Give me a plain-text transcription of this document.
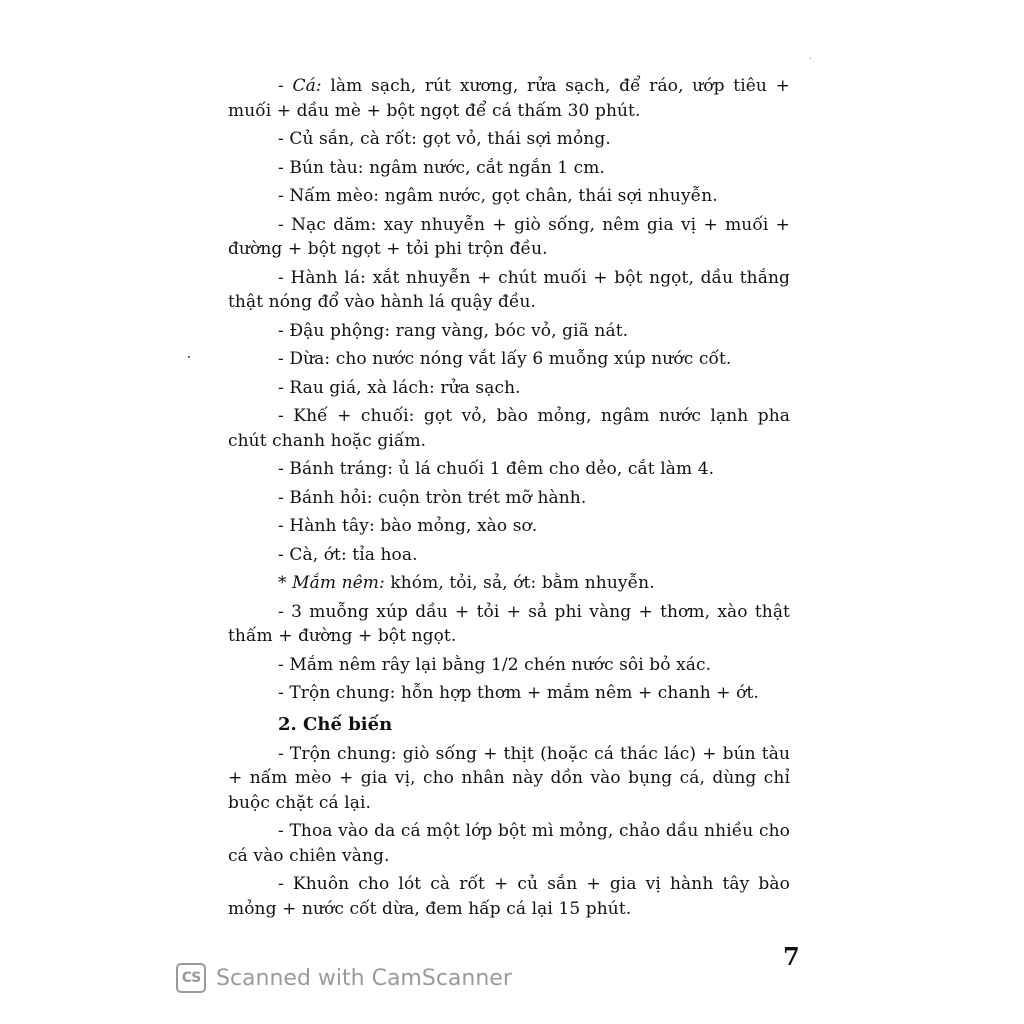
- Cá: làm sạch, rút xương, rửa sạch, để ráo, ướp tiêu + muối + dầu mè + bột ngọt để cá thấm 30 phút.

- Củ sắn, cà rốt: gọt vỏ, thái sợi mỏng.

- Bún tàu: ngâm nước, cắt ngắn 1 cm.

- Nấm mèo: ngâm nước, gọt chân, thái sợi nhuyễn.

- Nạc dăm: xay nhuyễn + giò sống, nêm gia vị + muối + đường + bột ngọt + tỏi phi trộn đều.

- Hành lá: xắt nhuyễn + chút muối + bột ngọt, dầu thắng thật nóng đổ vào hành lá quậy đều.

- Đậu phộng: rang vàng, bóc vỏ, giã nát.

- Dừa: cho nước nóng vắt lấy 6 muỗng xúp nước cốt.

- Rau giá, xà lách: rửa sạch.

- Khế + chuối: gọt vỏ, bào mỏng, ngâm nước lạnh pha chút chanh hoặc giấm.

- Bánh tráng: ủ lá chuối 1 đêm cho dẻo, cắt làm 4.

- Bánh hỏi: cuộn tròn trét mỡ hành.

- Hành tây: bào mỏng, xào sơ.

- Cà, ớt: tỉa hoa.

* Mắm nêm: khóm, tỏi, sả, ớt: bằm nhuyễn.

- 3 muỗng xúp dầu + tỏi + sả phi vàng + thơm, xào thật thấm + đường + bột ngọt.

- Mắm nêm rây lại bằng 1/2 chén nước sôi bỏ xác.

- Trộn chung: hỗn hợp thơm + mắm nêm + chanh + ớt.

2. Chế biến

- Trộn chung: giò sống + thịt (hoặc cá thác lác) + bún tàu + nấm mèo + gia vị, cho nhân này dồn vào bụng cá, dùng chỉ buộc chặt cá lại.

- Thoa vào da cá một lớp bột mì mỏng, chảo dầu nhiều cho cá vào chiên vàng.

- Khuôn cho lót cà rốt + củ sắn + gia vị hành tây bào mỏng + nước cốt dừa, đem hấp cá lại 15 phút.

7
CS Scanned with CamScanner
